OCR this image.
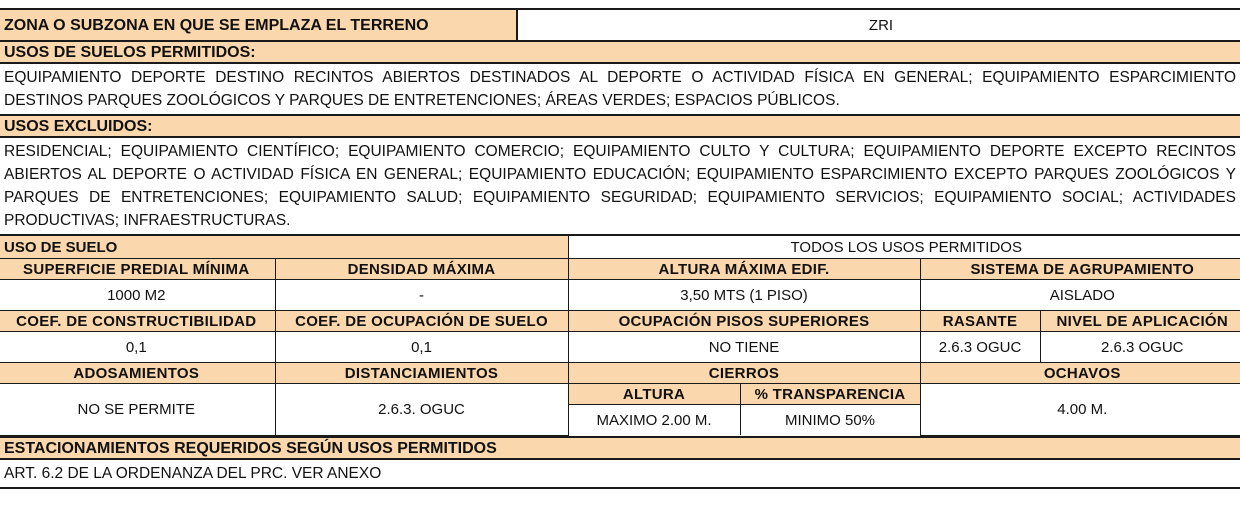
ZONA O SUBZONA EN QUE SE EMPLAZA EL TERRENO	ZRI
USOS DE SUELOS PERMITIDOS:
EQUIPAMIENTO DEPORTE DESTINO RECINTOS ABIERTOS DESTINADOS AL DEPORTE O ACTIVIDAD FÍSICA EN GENERAL; EQUIPAMIENTO ESPARCIMIENTO DESTINOS PARQUES ZOOLÓGICOS Y PARQUES DE ENTRETENCIONES; ÁREAS VERDES; ESPACIOS PÚBLICOS.
USOS EXCLUIDOS:
RESIDENCIAL; EQUIPAMIENTO CIENTÍFICO; EQUIPAMIENTO COMERCIO; EQUIPAMIENTO CULTO Y CULTURA; EQUIPAMIENTO DEPORTE EXCEPTO RECINTOS ABIERTOS AL DEPORTE O ACTIVIDAD FÍSICA EN GENERAL; EQUIPAMIENTO EDUCACIÓN; EQUIPAMIENTO ESPARCIMIENTO EXCEPTO PARQUES ZOOLÓGICOS Y PARQUES DE ENTRETENCIONES; EQUIPAMIENTO SALUD; EQUIPAMIENTO SEGURIDAD; EQUIPAMIENTO SERVICIOS; EQUIPAMIENTO SOCIAL; ACTIVIDADES PRODUCTIVAS; INFRAESTRUCTURAS.
USO DE SUELO		TODOS LOS USOS PERMITIDOS			
SUPERFICIE PREDIAL MÍNIMA	DENSIDAD MÁXIMA	ALTURA MÁXIMA EDIF.		SISTEMA DE AGRUPAMIENTO	
1000 M2	-	3,50 MTS (1 PISO)		AISLADO	
COEF. DE CONSTRUCTIBILIDAD	COEF. DE OCUPACIÓN DE SUELO	OCUPACIÓN PISOS SUPERIORES		RASANTE	NIVEL DE APLICACIÓN
0,1	0,1	NO TIENE		2.6.3 OGUC	2.6.3 OGUC
ADOSAMIENTOS	DISTANCIAMIENTOS	CIERROS		OCHAVOS	
NO SE PERMITE	2.6.3. OGUC	ALTURA	% TRANSPARENCIA	4.00 M.	
		MAXIMO 2.00 M.	MINIMO 50%		
ESTACIONAMIENTOS REQUERIDOS SEGÚN USOS PERMITIDOS
ART. 6.2 DE LA ORDENANZA DEL PRC. VER ANEXO
